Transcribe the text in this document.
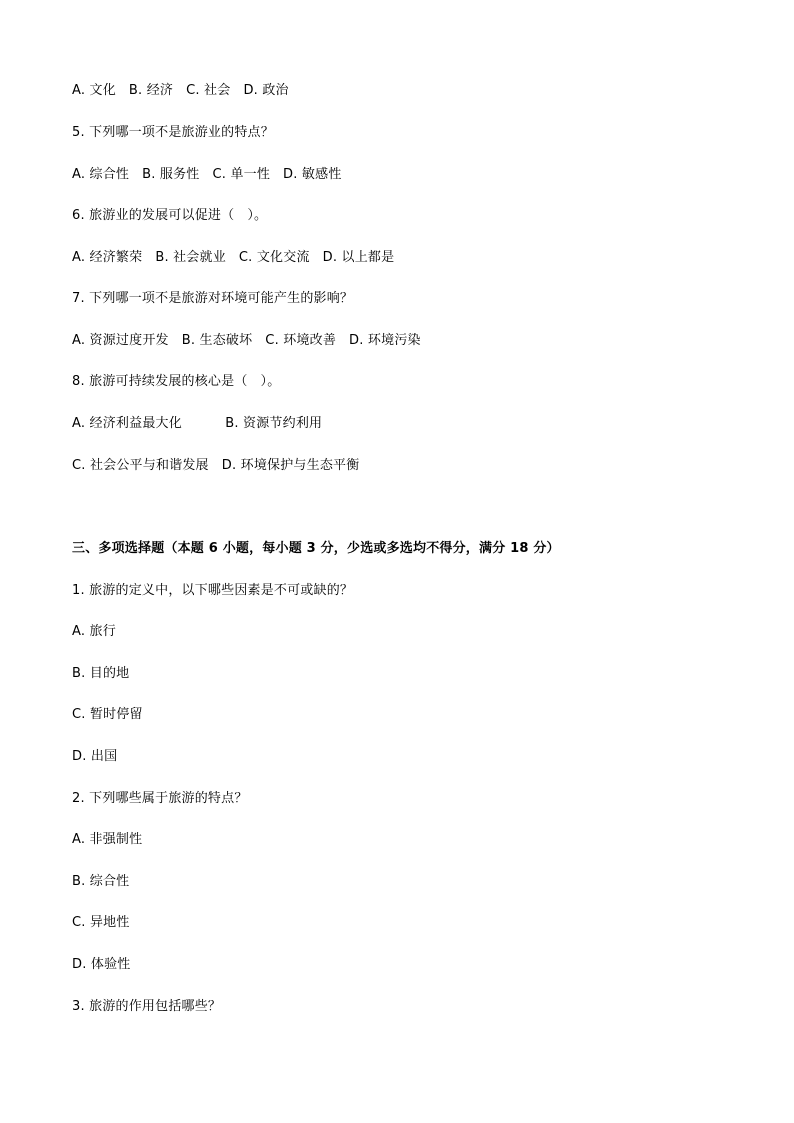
A. 文化   B. 经济   C. 社会   D. 政治
5. 下列哪一项不是旅游业的特点？
A. 综合性   B. 服务性   C. 单一性   D. 敏感性
6. 旅游业的发展可以促进（   ）。
A. 经济繁荣   B. 社会就业   C. 文化交流   D. 以上都是
7. 下列哪一项不是旅游对环境可能产生的影响？
A. 资源过度开发   B. 生态破坏   C. 环境改善   D. 环境污染
8. 旅游可持续发展的核心是（   ）。
A. 经济利益最大化          B. 资源节约利用
C. 社会公平与和谐发展   D. 环境保护与生态平衡
三、多项选择题（本题 6 小题，每小题 3 分，少选或多选均不得分，满分 18 分）
1. 旅游的定义中，以下哪些因素是不可或缺的？
A. 旅行
B. 目的地
C. 暂时停留
D. 出国
2. 下列哪些属于旅游的特点？
A. 非强制性
B. 综合性
C. 异地性
D. 体验性
3. 旅游的作用包括哪些？
